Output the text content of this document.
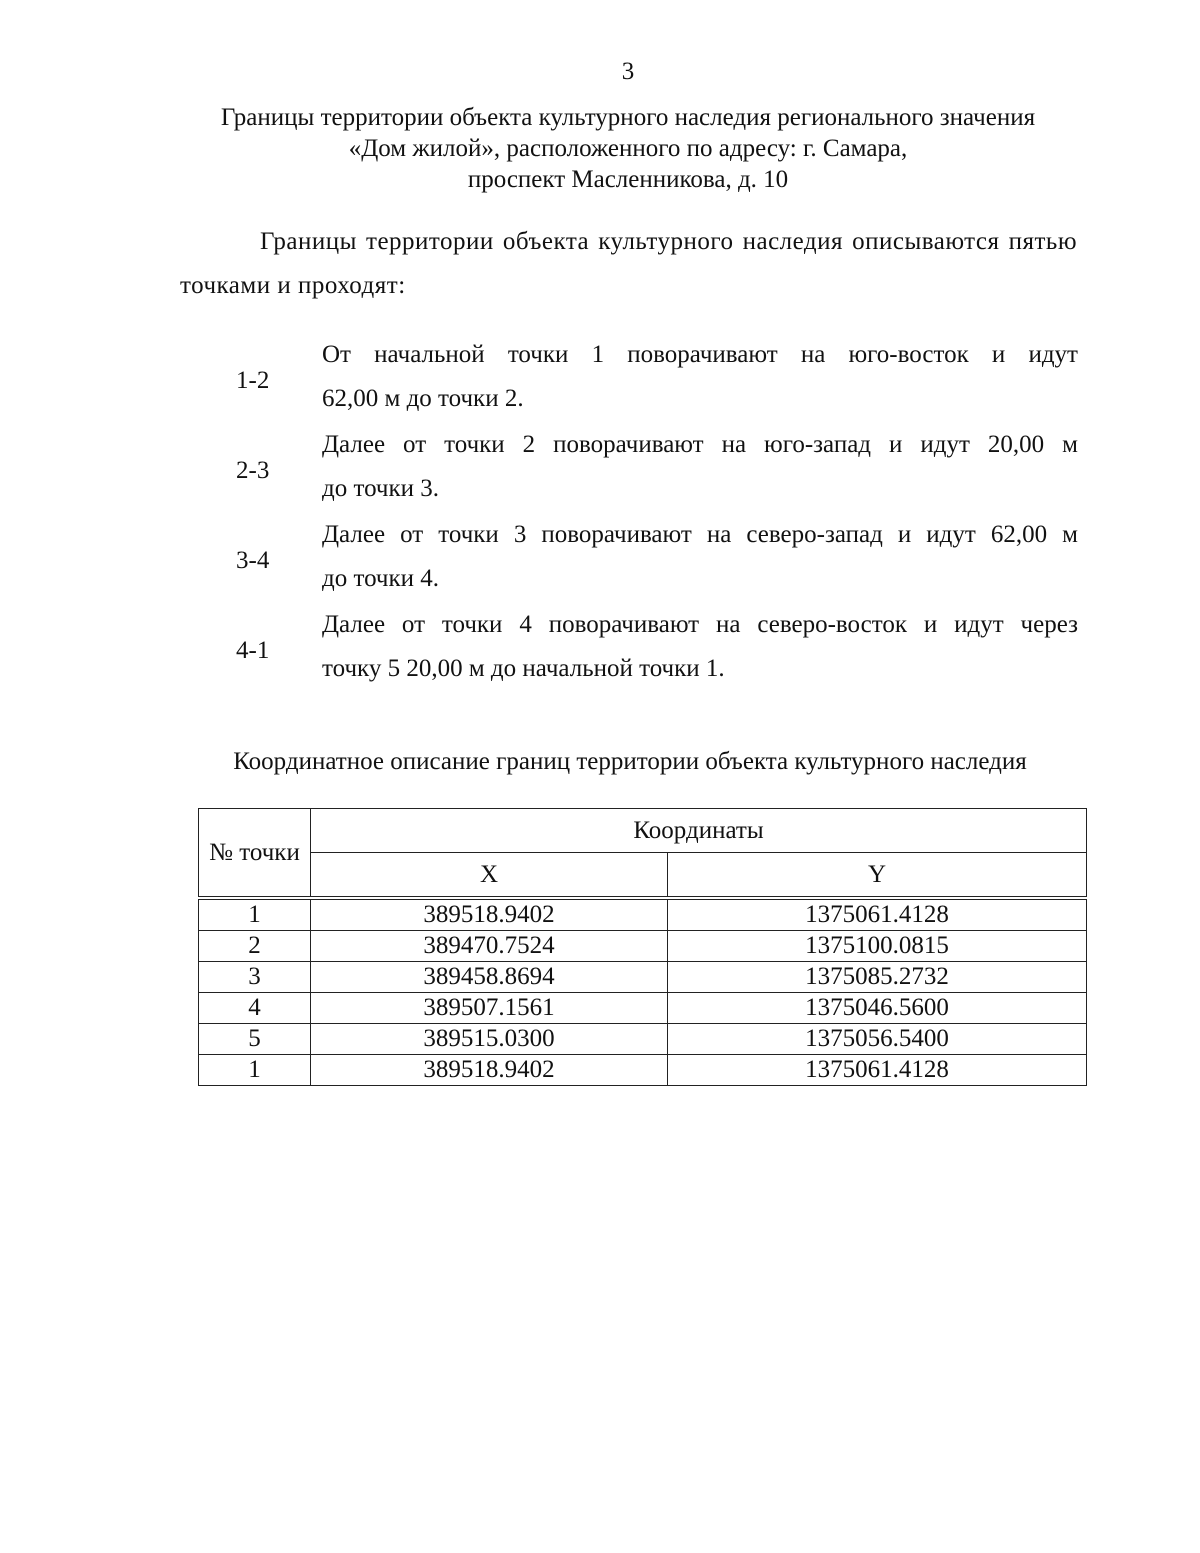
3
Границы территории объекта культурного наследия регионального значения
«Дом жилой», расположенного по адресу: г. Самара,
проспект Масленникова, д. 10
Границы территории объекта культурного наследия описываются пятью точками и проходят:
1-2
От начальной точки 1 поворачивают на юго-восток и идут
62,00 м до точки 2.
2-3
Далее от точки 2 поворачивают на юго-запад и идут 20,00 м
до точки 3.
3-4
Далее от точки 3 поворачивают на северо-запад и идут 62,00 м
до точки 4.
4-1
Далее от точки 4 поворачивают на северо-восток и идут через
точку 5 20,00 м до начальной точки 1.
Координатное описание границ территории объекта культурного наследия
№ точки	Координаты	
	X	Y
1	389518.9402	1375061.4128
2	389470.7524	1375100.0815
3	389458.8694	1375085.2732
4	389507.1561	1375046.5600
5	389515.0300	1375056.5400
1	389518.9402	1375061.4128
